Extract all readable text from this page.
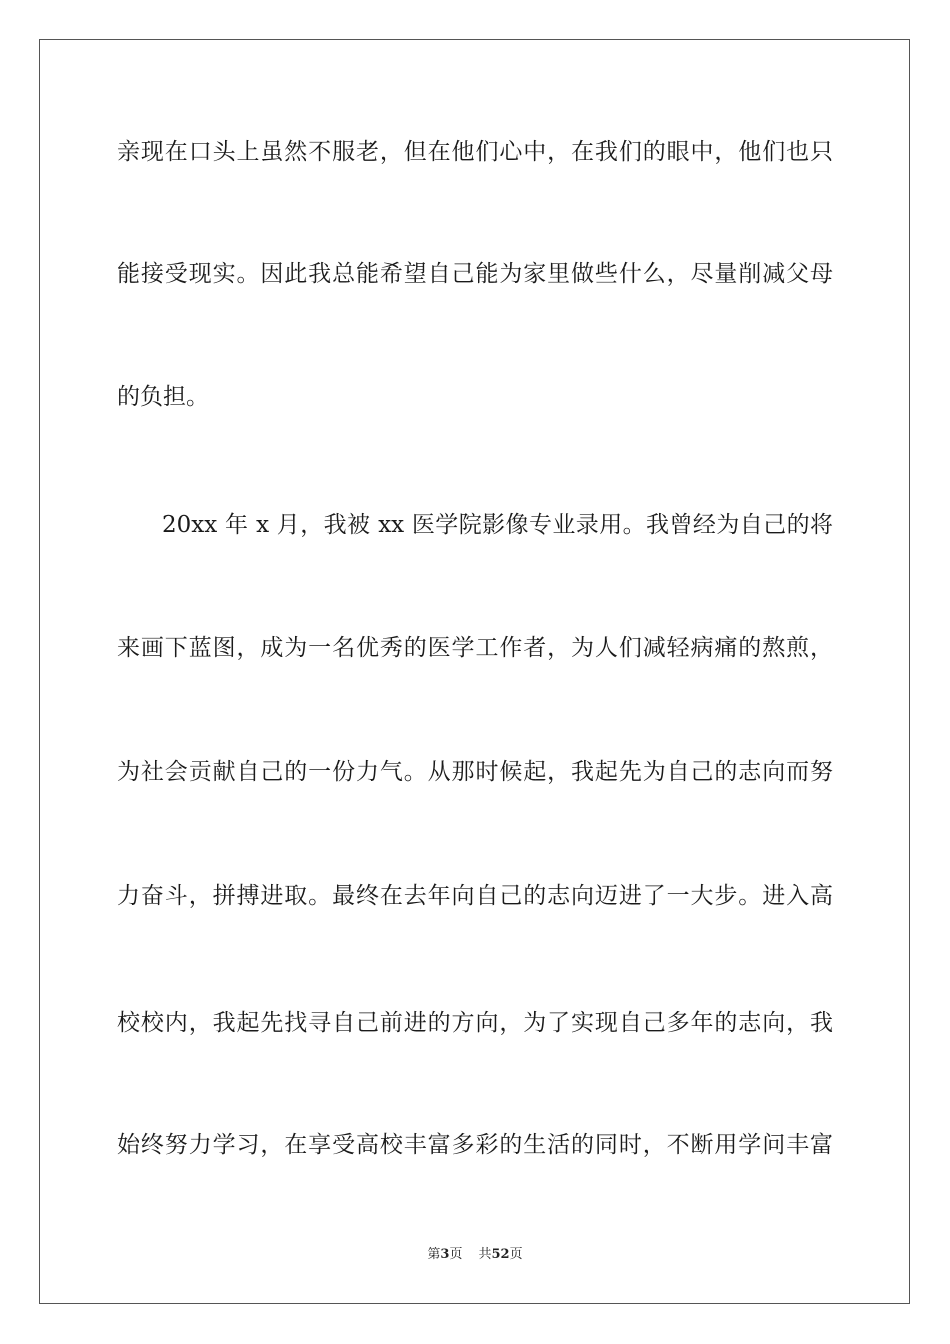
亲现在口头上虽然不服老，但在他们心中，在我们的眼中，他们也只
能接受现实。因此我总能希望自己能为家里做些什么，尽量削减父母
的负担。
20xx 年 x 月，我被 xx 医学院影像专业录用。我曾经为自己的将
来画下蓝图，成为一名优秀的医学工作者，为人们减轻病痛的熬煎，
为社会贡献自己的一份力气。从那时候起，我起先为自己的志向而努
力奋斗，拼搏进取。最终在去年向自己的志向迈进了一大步。进入高
校校内，我起先找寻自己前进的方向，为了实现自己多年的志向，我
始终努力学习，在享受高校丰富多彩的生活的同时，不断用学问丰富
第3页 共52页
